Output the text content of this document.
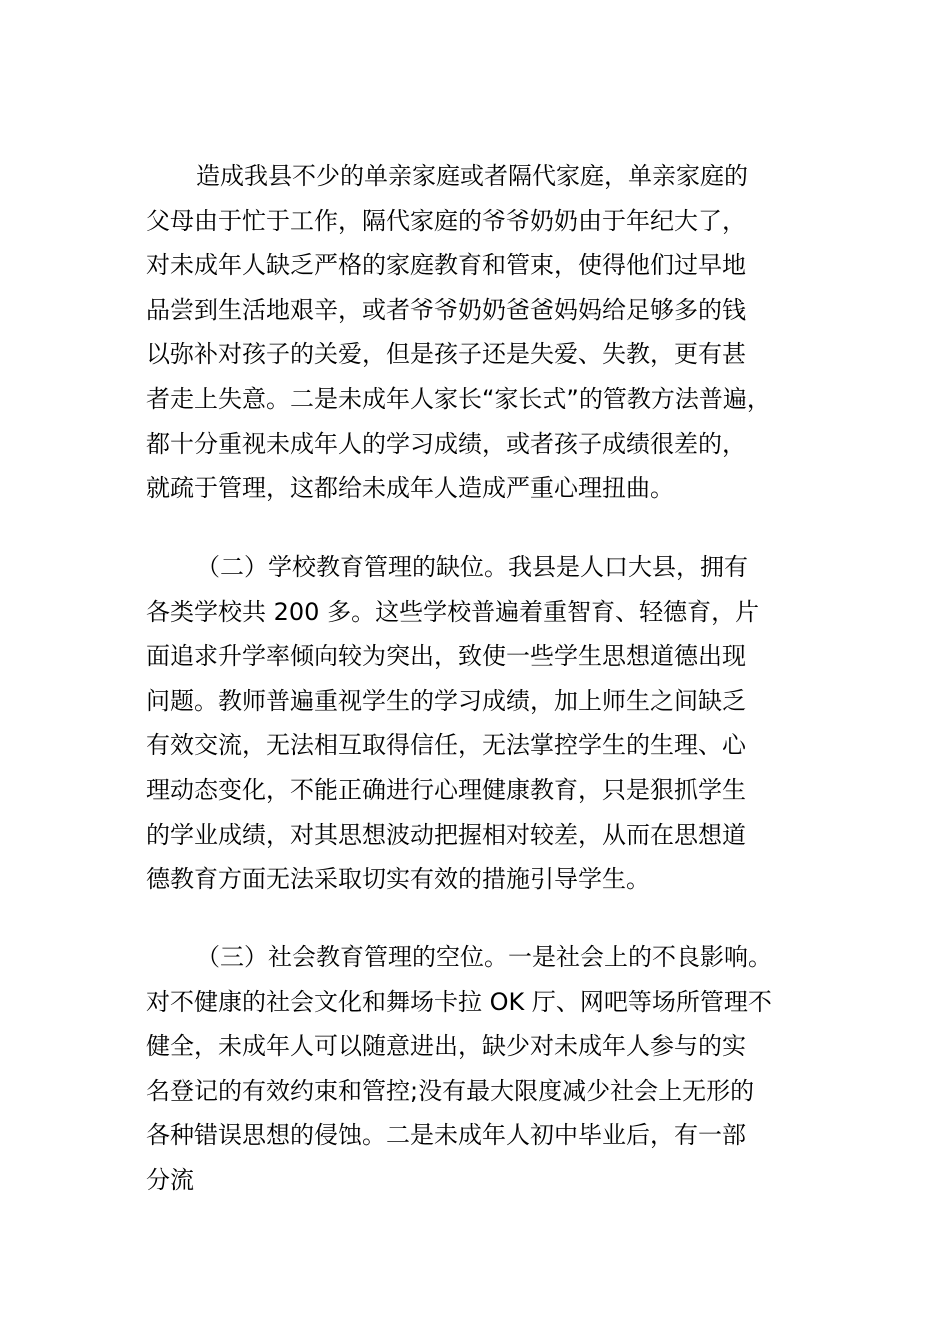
造成我县不少的单亲家庭或者隔代家庭，单亲家庭的
父母由于忙于工作，隔代家庭的爷爷奶奶由于年纪大了，
对未成年人缺乏严格的家庭教育和管束，使得他们过早地
品尝到生活地艰辛，或者爷爷奶奶爸爸妈妈给足够多的钱
以弥补对孩子的关爱，但是孩子还是失爱、失教，更有甚
者走上失意。二是未成年人家长“家长式”的管教方法普遍，
都十分重视未成年人的学习成绩，或者孩子成绩很差的，
就疏于管理，这都给未成年人造成严重心理扭曲。
（二）学校教育管理的缺位。我县是人口大县，拥有
各类学校共 200 多。这些学校普遍着重智育、轻德育，片
面追求升学率倾向较为突出，致使一些学生思想道德出现
问题。教师普遍重视学生的学习成绩，加上师生之间缺乏
有效交流，无法相互取得信任，无法掌控学生的生理、心
理动态变化，不能正确进行心理健康教育，只是狠抓学生
的学业成绩，对其思想波动把握相对较差，从而在思想道
德教育方面无法采取切实有效的措施引导学生。
（三）社会教育管理的空位。一是社会上的不良影响。
对不健康的社会文化和舞场卡拉 OK 厅、网吧等场所管理不
健全，未成年人可以随意进出，缺少对未成年人参与的实
名登记的有效约束和管控;没有最大限度减少社会上无形的
各种错误思想的侵蚀。二是未成年人初中毕业后，有一部
分流
